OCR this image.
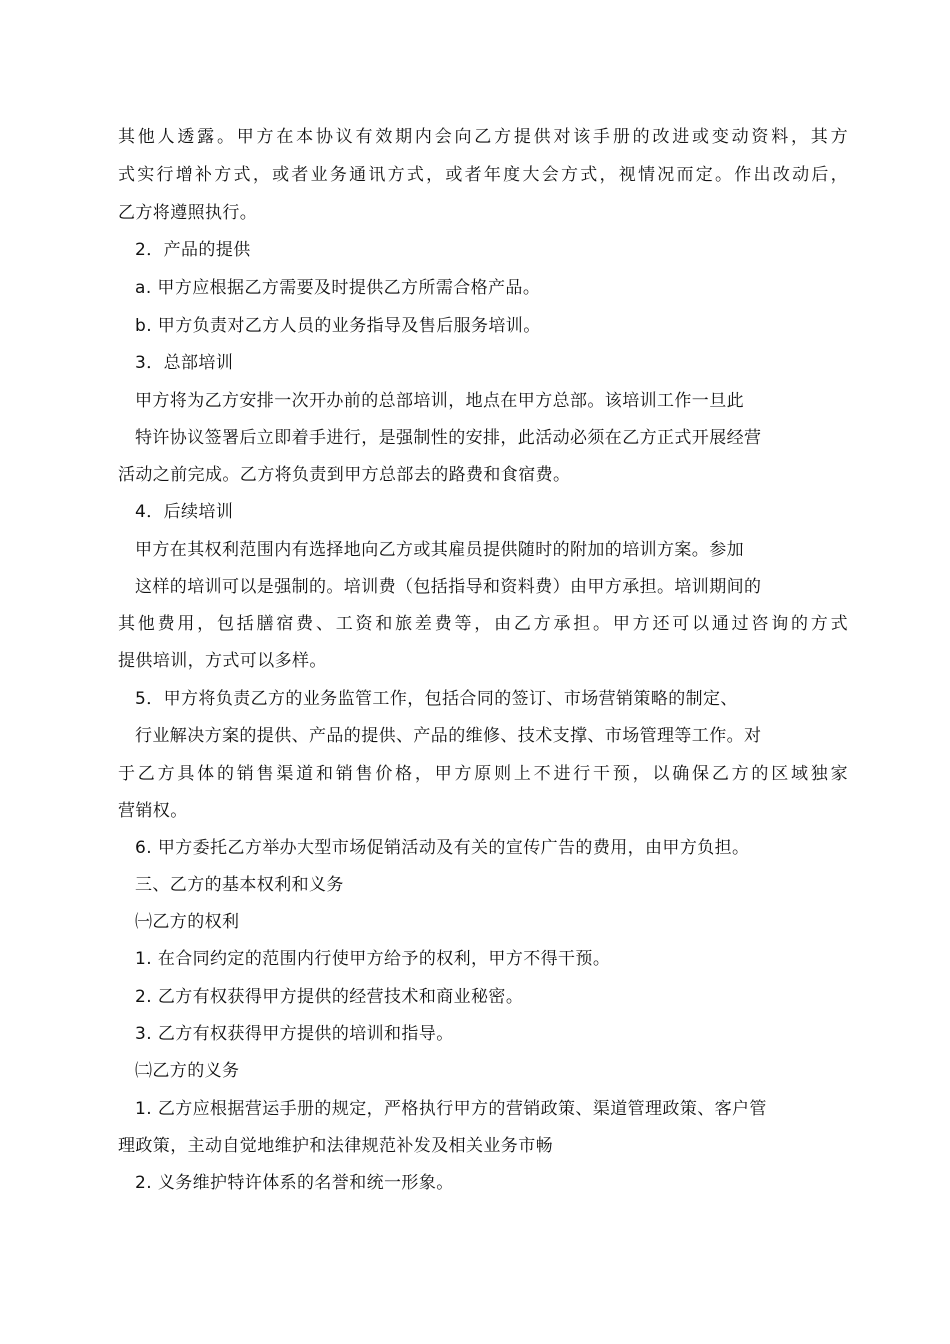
其他人透露。甲方在本协议有效期内会向乙方提供对该手册的改进或变动资料，其方
式实行增补方式，或者业务通讯方式，或者年度大会方式，视情况而定。作出改动后，
乙方将遵照执行。
2．产品的提供
a. 甲方应根据乙方需要及时提供乙方所需合格产品。
b. 甲方负责对乙方人员的业务指导及售后服务培训。
3．总部培训
甲方将为乙方安排一次开办前的总部培训，地点在甲方总部。该培训工作一旦此
特许协议签署后立即着手进行，是强制性的安排，此活动必须在乙方正式开展经营
活动之前完成。乙方将负责到甲方总部去的路费和食宿费。
4．后续培训
甲方在其权利范围内有选择地向乙方或其雇员提供随时的附加的培训方案。参加
这样的培训可以是强制的。培训费（包括指导和资料费）由甲方承担。培训期间的
其他费用，包括膳宿费、工资和旅差费等，由乙方承担。甲方还可以通过咨询的方式
提供培训，方式可以多样。
5．甲方将负责乙方的业务监管工作，包括合同的签订、市场营销策略的制定、
行业解决方案的提供、产品的提供、产品的维修、技术支撑、市场管理等工作。对
于乙方具体的销售渠道和销售价格，甲方原则上不进行干预，以确保乙方的区域独家
营销权。
6. 甲方委托乙方举办大型市场促销活动及有关的宣传广告的费用，由甲方负担。
三、乙方的基本权利和义务
㈠乙方的权利
1. 在合同约定的范围内行使甲方给予的权利，甲方不得干预。
2. 乙方有权获得甲方提供的经营技术和商业秘密。
3. 乙方有权获得甲方提供的培训和指导。
㈡乙方的义务
1. 乙方应根据营运手册的规定，严格执行甲方的营销政策、渠道管理政策、客户管
理政策，主动自觉地维护和法律规范补发及相关业务市畅
2. 义务维护特许体系的名誉和统一形象。
